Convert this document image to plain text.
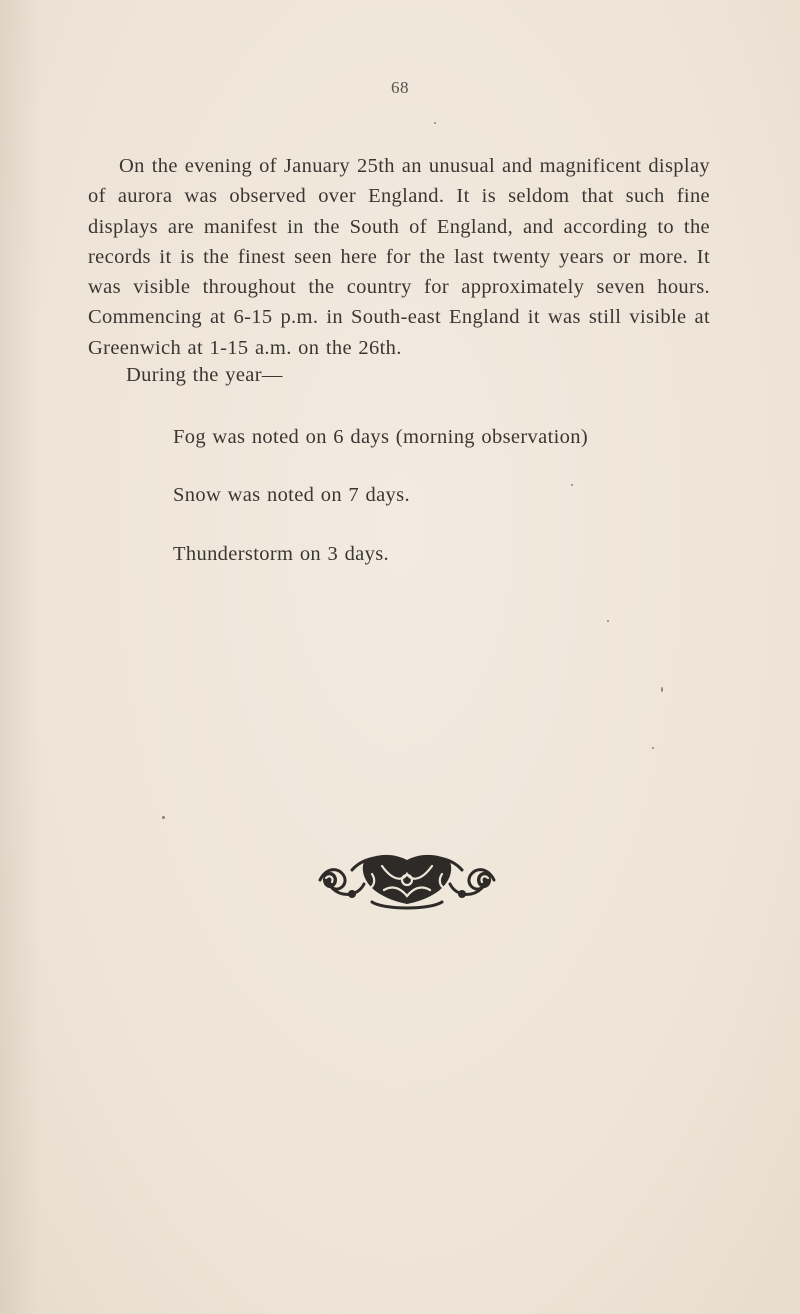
68

On the evening of January 25th an unusual and magnificent display of aurora was observed over England. It is seldom that such fine displays are manifest in the South of England, and according to the records it is the finest seen here for the last twenty years or more. It was visible throughout the country for approximately seven hours. Commencing at 6-15 p.m. in South-east England it was still visible at Greenwich at 1-15 a.m. on the 26th.

During the year—

Fog was noted on 6 days (morning observation)

Snow was noted on 7 days.

Thunderstorm on 3 days.
